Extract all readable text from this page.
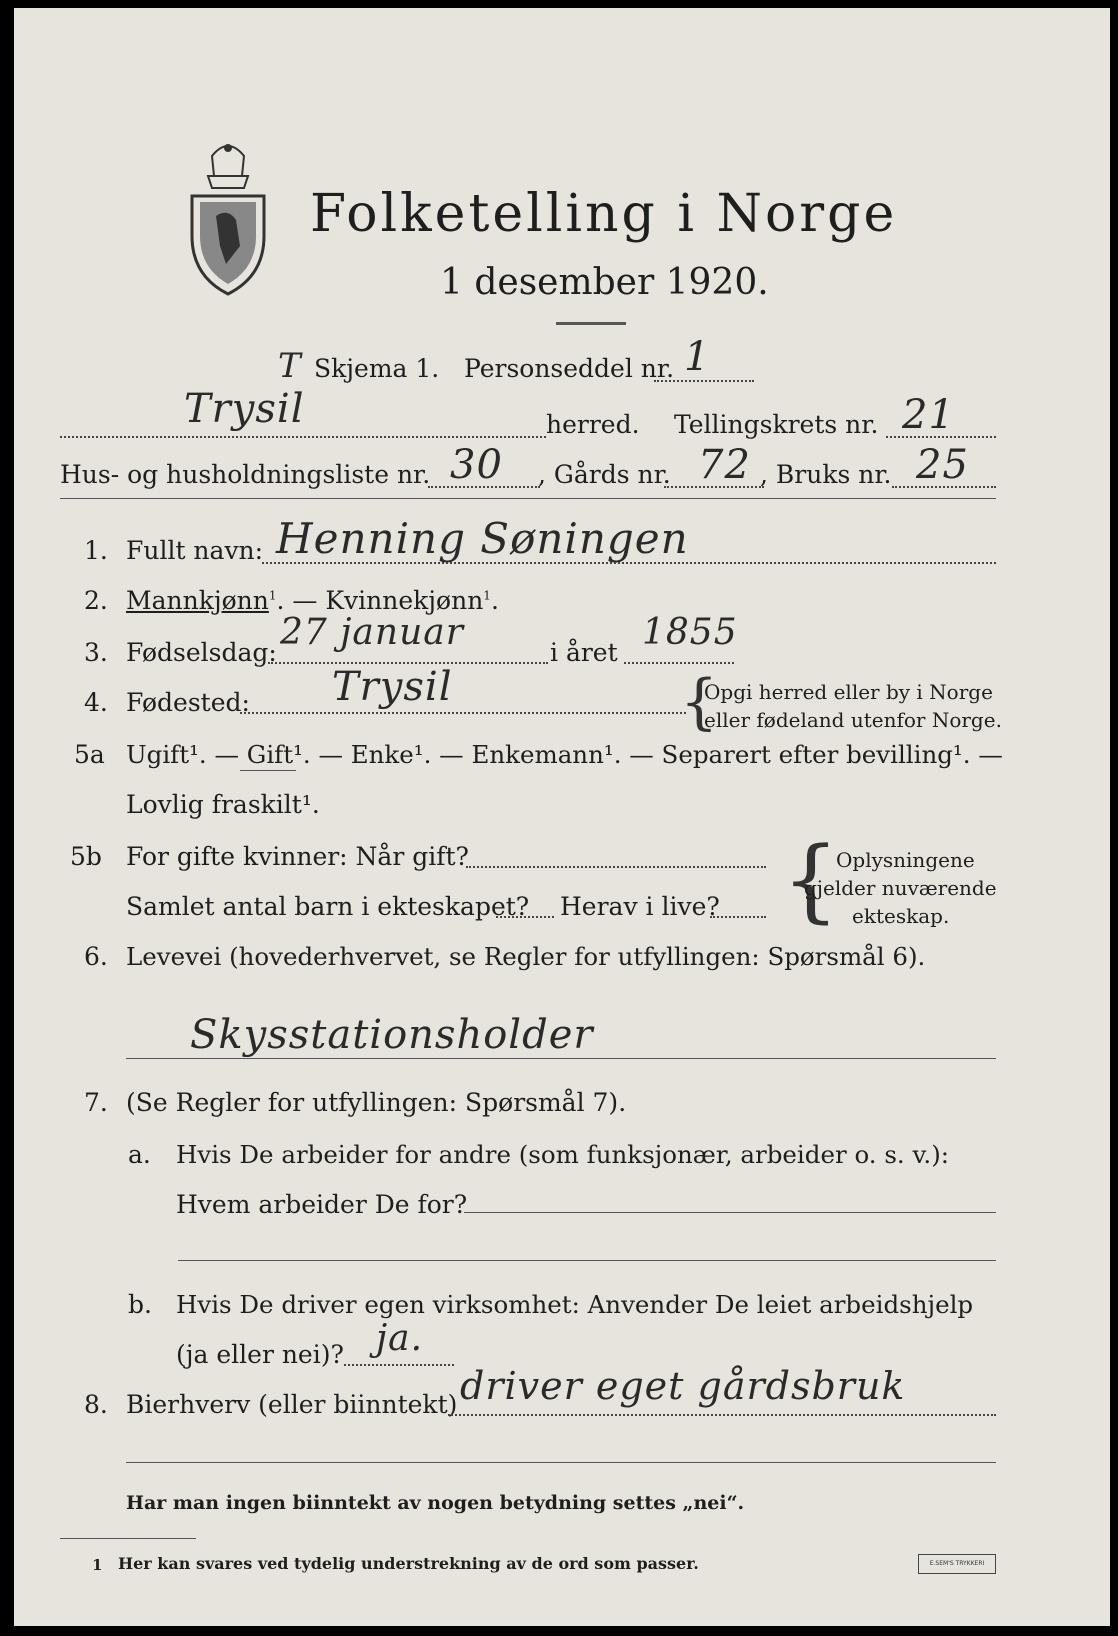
Folketelling i Norge
1 desember 1920.
T Skjema 1. Personseddel nr. 1
Trysil	herred. Tellingskrets nr. 21
Hus- og husholdningsliste nr. 30 , Gårds nr. 72 , Bruks nr. 25
1. Fullt navn: Henning Søningen
2. Mannkjønn$^1$. — Kvinnekjønn$^1$.
3. Fødselsdag: 27 januar	i året 1855
4. Fødested: Trysil	{
Opgi herred eller by i Norge
eller fødeland utenfor Norge.
5a Ugift¹. — Gift¹. — Enke¹. — Enkemann¹. — Separert efter bevilling¹. —
Lovlig fraskilt¹.
5b For gifte kvinner: Når gift?
Samlet antal barn i ekteskapet? Herav i live? {
Oplysningene
gjelder nuværende
ekteskap.
6. Levevei (hovederhvervet, se Regler for utfyllingen: Spørsmål 6).
Skysstationsholder
7. (Se Regler for utfyllingen: Spørsmål 7).
a. Hvis De arbeider for andre (som funksjonær, arbeider o. s. v.):
Hvem arbeider De for?
b. Hvis De driver egen virksomhet: Anvender De leiet arbeidshjelp
(ja eller nei)? ja.
8. Bierhverv (eller biinntekt) driver eget gårdsbruk
Har man ingen biinntekt av nogen betydning settes „nei“.
1 Her kan svares ved tydelig understrekning av de ord som passer.	E.SEM'S TRYKKERI
